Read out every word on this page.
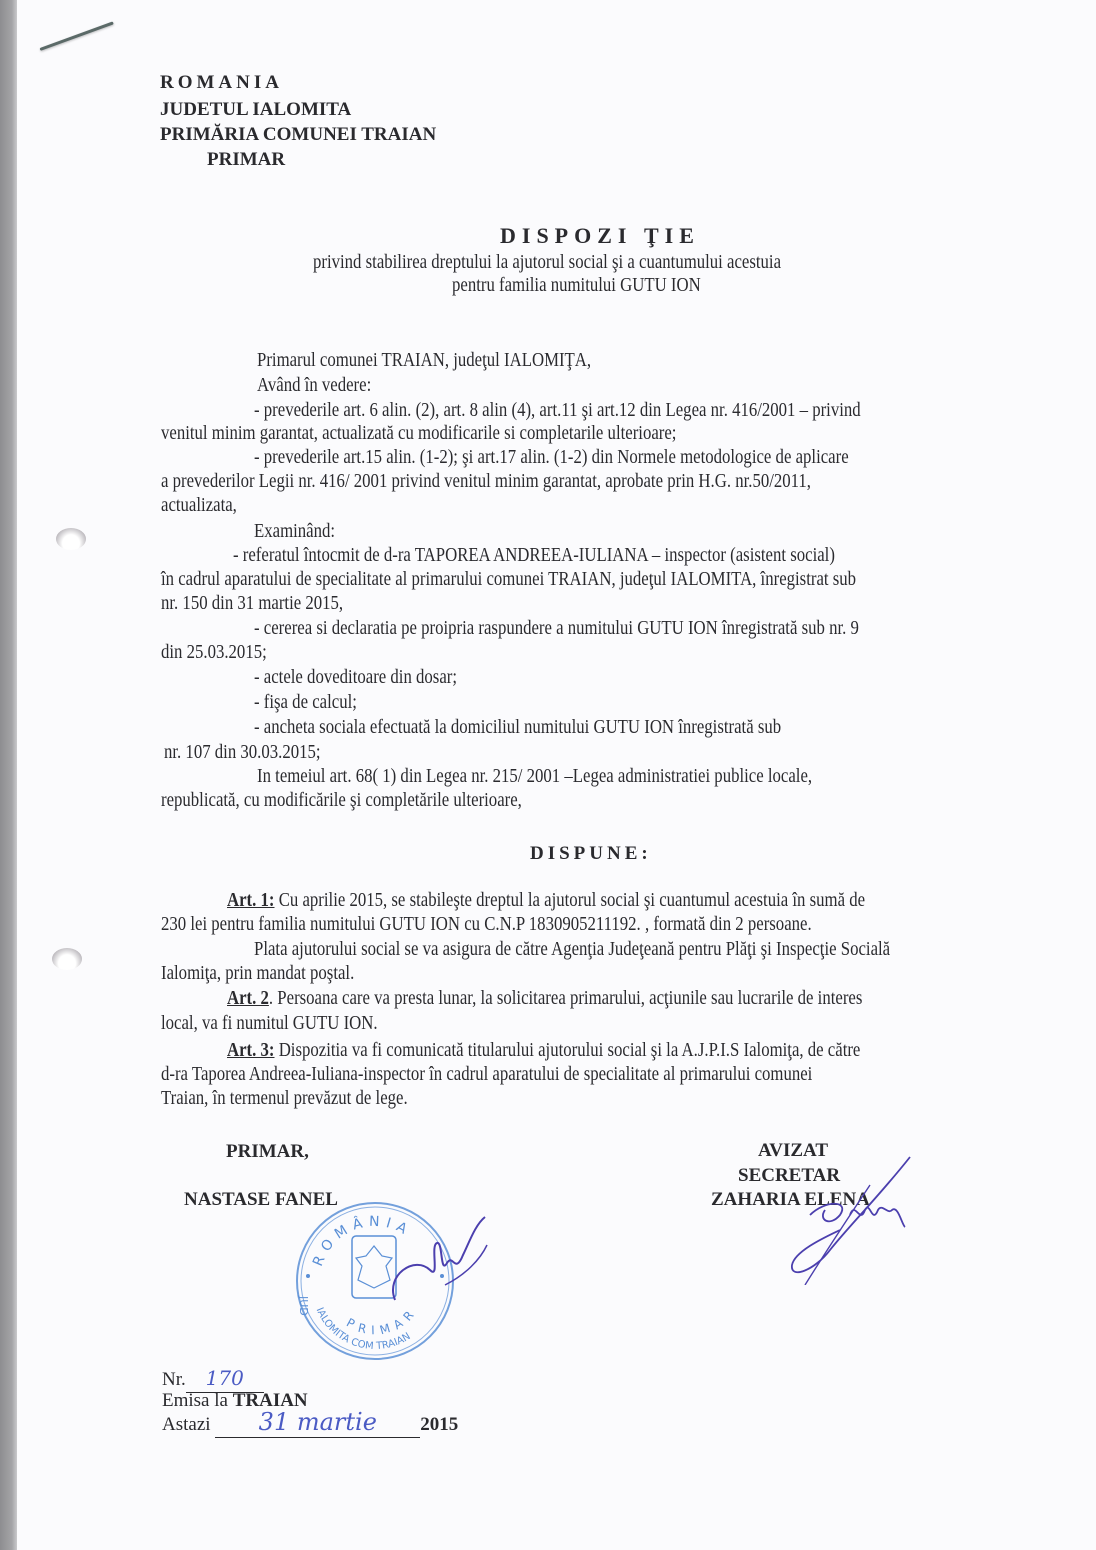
ROMANIA
JUDETUL IALOMITA
PRIMĂRIA COMUNEI TRAIAN
PRIMAR
DISPOZI ŢIE
privind stabilirea dreptului la ajutorul social şi a cuantumului acestuia
pentru familia numitului GUTU ION
Primarul comunei TRAIAN, judeţul IALOMIŢA,
Având în vedere:
- prevederile art. 6 alin. (2), art. 8 alin (4), art.11 şi art.12 din Legea nr. 416/2001 – privind
venitul minim garantat, actualizată cu modificarile si completarile ulterioare;
- prevederile art.15 alin. (1-2); şi art.17 alin. (1-2) din Normele metodologice de aplicare
a prevederilor Legii nr. 416/ 2001 privind venitul minim garantat, aprobate prin H.G. nr.50/2011,
actualizata,
Examinând:
- referatul întocmit de d-ra TAPOREA ANDREEA-IULIANA – inspector (asistent social)
în cadrul aparatului de specialitate al primarului comunei TRAIAN, judeţul IALOMITA, înregistrat sub
nr. 150 din 31 martie 2015,
- cererea si declaratia pe proipria raspundere a numitului GUTU ION înregistrată sub nr. 9
din 25.03.2015;
- actele doveditoare din dosar;
- fişa de calcul;
- ancheta sociala efectuată la domiciliul numitului GUTU ION înregistrată sub
nr. 107 din 30.03.2015;
In temeiul art. 68( 1) din Legea nr. 215/ 2001 –Legea administratiei publice locale,
republicată, cu modificările şi completările ulterioare,
DISPUNE:
Art. 1: Cu aprilie 2015, se stabileşte dreptul la ajutorul social şi cuantumul acestuia în sumă de
230 lei pentru familia numitului GUTU ION cu C.N.P 1830905211192. , formată din 2 persoane.
Plata ajutorului social se va asigura de către Agenţia Judeţeană pentru Plăţi şi Inspecţie Socială
Ialomiţa, prin mandat poştal.
Art. 2. Persoana care va presta lunar, la solicitarea primarului, acţiunile sau lucrarile de interes
local, va fi numitul GUTU ION.
Art. 3: Dispozitia va fi comunicată titularului ajutorului social şi la A.J.P.I.S Ialomiţa, de către
d-ra Taporea Andreea-Iuliana-inspector în cadrul aparatului de specialitate al primarului comunei
Traian, în termenul prevăzut de lege.
PRIMAR,
NASTASE FANEL
AVIZAT
SECRETAR
ZAHARIA ELENA
ROMÂNIA
JUD IALOMITA COM TRAIAN
PRIMAR
Nr. 170
Emisa la TRAIAN
Astazi 31 martie 2015
